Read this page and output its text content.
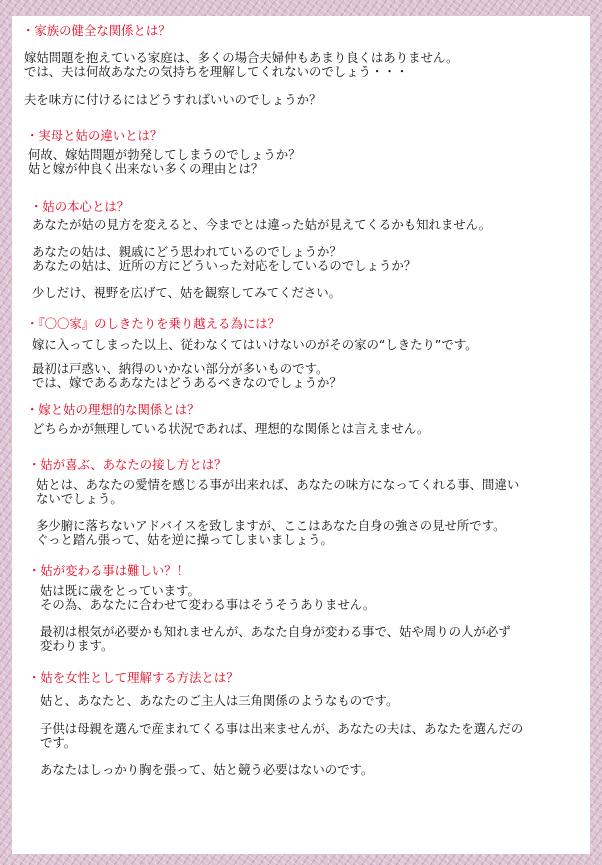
・家族の健全な関係とは？
嫁姑問題を抱えている家庭は、多くの場合夫婦仲もあまり良くはありません。
では、夫は何故あなたの気持ちを理解してくれないのでしょう・・・
夫を味方に付けるにはどうすればいいのでしょうか？
・実母と姑の違いとは？
何故、嫁姑問題が勃発してしまうのでしょうか？
姑と嫁が仲良く出来ない多くの理由とは？
・姑の本心とは？
あなたが姑の見方を変えると、今までとは違った姑が見えてくるかも知れません。
あなたの姑は、親戚にどう思われているのでしょうか？
あなたの姑は、近所の方にどういった対応をしているのでしょうか？
少しだけ、視野を広げて、姑を観察してみてください。
・『〇〇家』のしきたりを乗り越える為には？
嫁に入ってしまった以上、従わなくてはいけないのがその家の“しきたり”です。
最初は戸惑い、納得のいかない部分が多いものです。
では、嫁であるあなたはどうあるべきなのでしょうか？
・嫁と姑の理想的な関係とは？
どちらかが無理している状況であれば、理想的な関係とは言えません。
・姑が喜ぶ、あなたの接し方とは？
姑とは、あなたの愛情を感じる事が出来れば、あなたの味方になってくれる事、間違い
ないでしょう。
多少腑に落ちないアドバイスを致しますが、ここはあなた自身の強さの見せ所です。
ぐっと踏ん張って、姑を逆に操ってしまいましょう。
・姑が変わる事は難しい？！
姑は既に歳をとっています。
その為、あなたに合わせて変わる事はそうそうありません。
最初は根気が必要かも知れませんが、あなた自身が変わる事で、姑や周りの人が必ず
変わります。
・姑を女性として理解する方法とは？
姑と、あなたと、あなたのご主人は三角関係のようなものです。
子供は母親を選んで産まれてくる事は出来ませんが、あなたの夫は、あなたを選んだの
です。
あなたはしっかり胸を張って、姑と競う必要はないのです。
